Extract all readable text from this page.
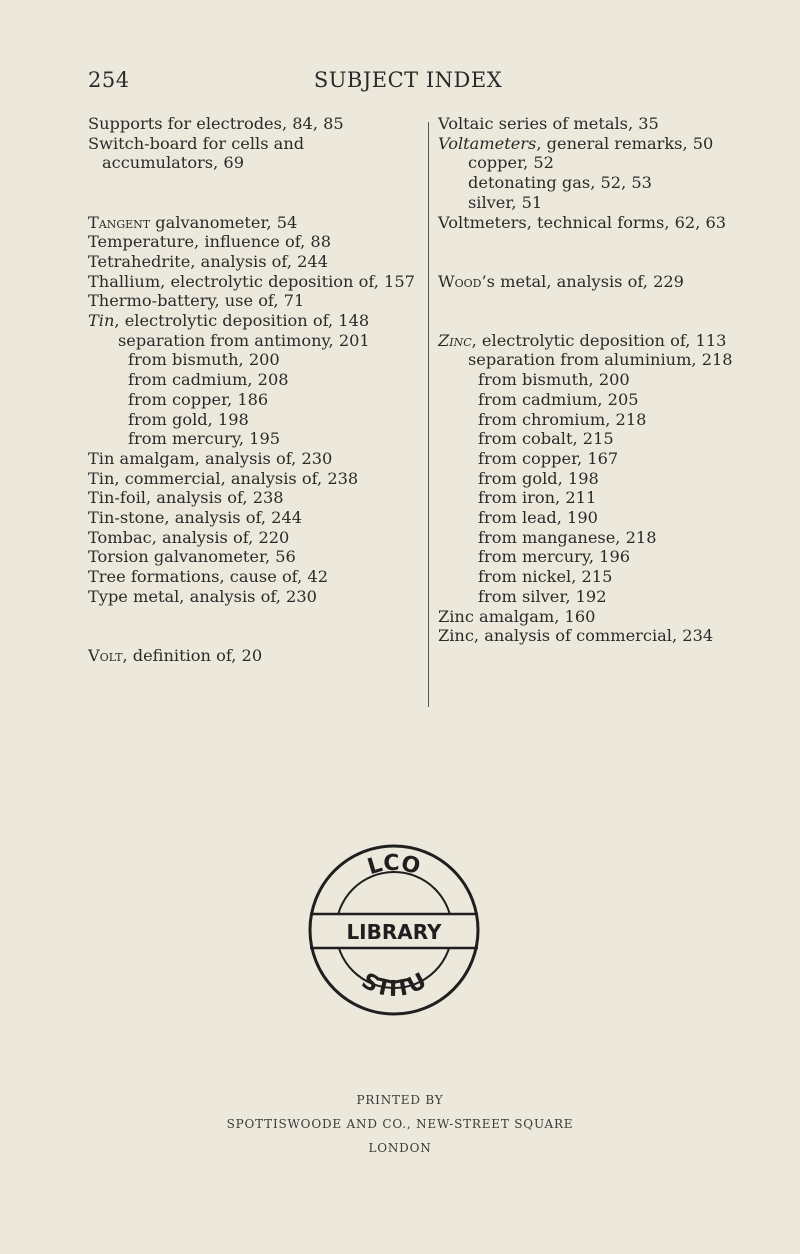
254	SUBJECT INDEX
Supports for electrodes, 84, 85
Switch-board for cells and accumulators, 69
Tangent galvanometer, 54
Temperature, influence of, 88
Tetrahedrite, analysis of, 244
Thallium, electrolytic deposition of, 157
Thermo-battery, use of, 71
Tin, electrolytic deposition of, 148
separation from antimony, 201
from bismuth, 200
from cadmium, 208
from copper, 186
from gold, 198
from mercury, 195
Tin amalgam, analysis of, 230
Tin, commercial, analysis of, 238
Tin-foil, analysis of, 238
Tin-stone, analysis of, 244
Tombac, analysis of, 220
Torsion galvanometer, 56
Tree formations, cause of, 42
Type metal, analysis of, 230
Volt, definition of, 20
Voltaic series of metals, 35
Voltameters, general remarks, 50
copper, 52
detonating gas, 52, 53
silver, 51
Voltmeters, technical forms, 62, 63
Wood’s metal, analysis of, 229
Zinc, electrolytic deposition of, 113
separation from aluminium, 218
from bismuth, 200
from cadmium, 205
from chromium, 218
from cobalt, 215
from copper, 167
from gold, 198
from iron, 211
from lead, 190
from manganese, 218
from mercury, 196
from nickel, 215
from silver, 192
Zinc amalgam, 160
Zinc, analysis of commercial, 234
LCO
LIBRARY
STITU
PRINTED BY
SPOTTISWOODE AND CO., NEW-STREET SQUARE
LONDON
